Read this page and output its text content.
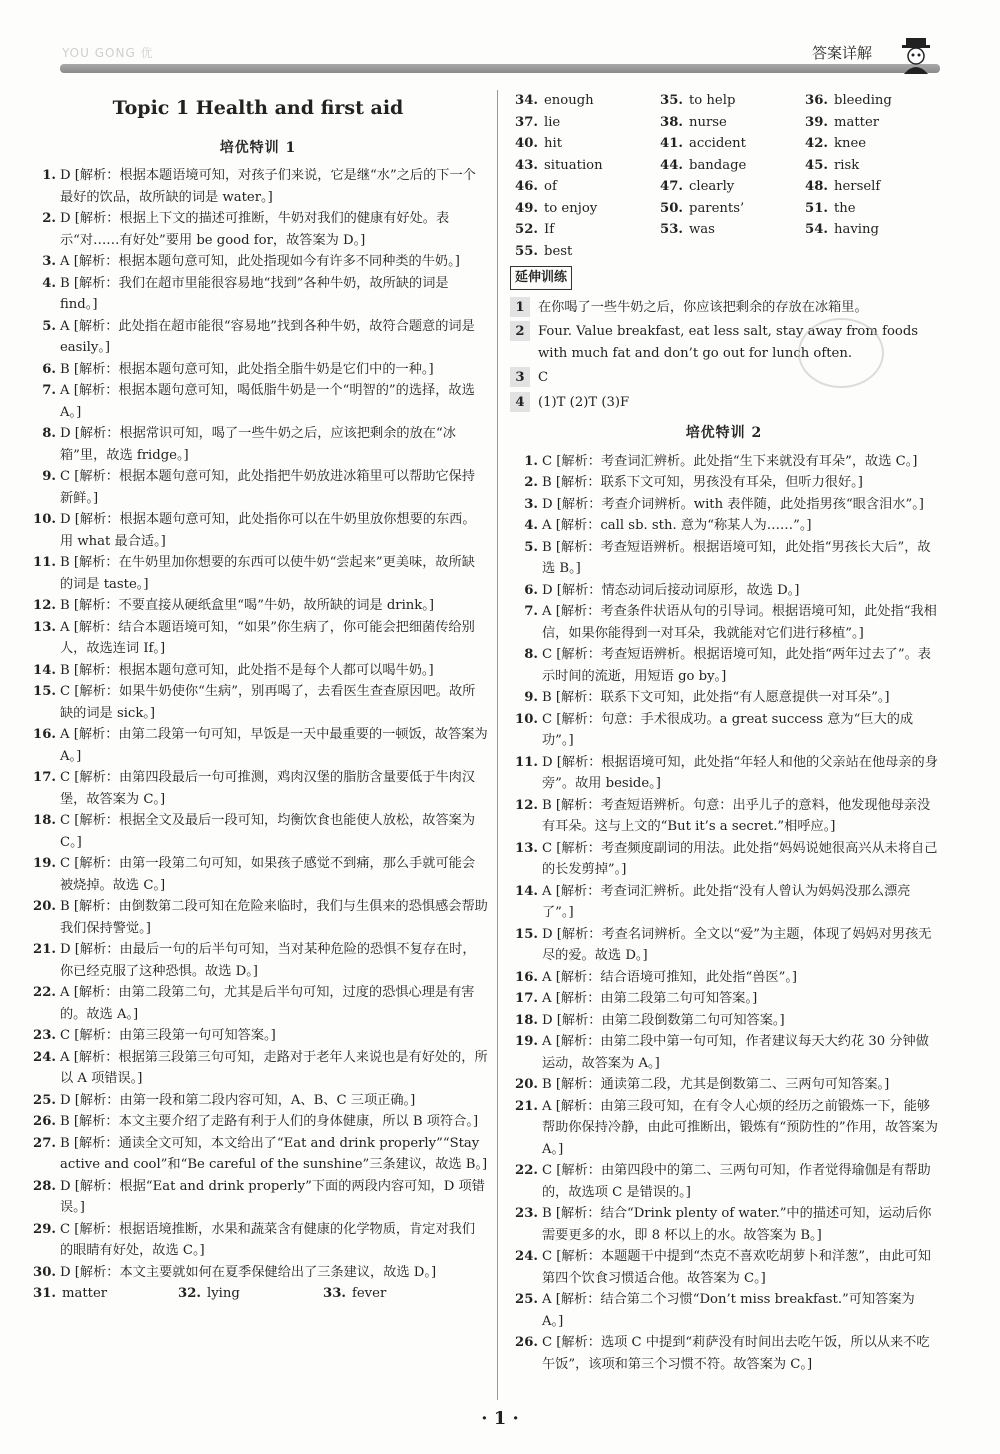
YOU GONG 优	答案详解
Topic 1 Health and first aid
培优特训 1
1. D [解析：根据本题语境可知，对孩子们来说，它是继“水”之后的下一个最好的饮品，故所缺的词是 water。]
2. D [解析：根据上下文的描述可推断，牛奶对我们的健康有好处。表示“对……有好处”要用 be good for，故答案为 D。]
3. A [解析：根据本题句意可知，此处指现如今有许多不同种类的牛奶。]
4. B [解析：我们在超市里能很容易地“找到”各种牛奶，故所缺的词是 find。]
5. A [解析：此处指在超市能很“容易地”找到各种牛奶，故符合题意的词是 easily。]
6. B [解析：根据本题句意可知，此处指全脂牛奶是它们中的一种。]
7. A [解析：根据本题句意可知，喝低脂牛奶是一个“明智的”的选择，故选 A。]
8. D [解析：根据常识可知，喝了一些牛奶之后，应该把剩余的放在“冰箱”里，故选 fridge。]
9. C [解析：根据本题句意可知，此处指把牛奶放进冰箱里可以帮助它保持新鲜。]
10. D [解析：根据本题句意可知，此处指你可以在牛奶里放你想要的东西。用 what 最合适。]
11. B [解析：在牛奶里加你想要的东西可以使牛奶“尝起来”更美味，故所缺的词是 taste。]
12. B [解析：不要直接从硬纸盒里“喝”牛奶，故所缺的词是 drink。]
13. A [解析：结合本题语境可知，“如果”你生病了，你可能会把细菌传给别人，故选连词 If。]
14. B [解析：根据本题句意可知，此处指不是每个人都可以喝牛奶。]
15. C [解析：如果牛奶使你“生病”，别再喝了，去看医生查查原因吧。故所缺的词是 sick。]
16. A [解析：由第二段第一句可知，早饭是一天中最重要的一顿饭，故答案为 A。]
17. C [解析：由第四段最后一句可推测，鸡肉汉堡的脂肪含量要低于牛肉汉堡，故答案为 C。]
18. C [解析：根据全文及最后一段可知，均衡饮食也能使人放松，故答案为 C。]
19. C [解析：由第一段第二句可知，如果孩子感觉不到痛，那么手就可能会被烧掉。故选 C。]
20. B [解析：由倒数第二段可知在危险来临时，我们与生俱来的恐惧感会帮助我们保持警觉。]
21. D [解析：由最后一句的后半句可知，当对某种危险的恐惧不复存在时，你已经克服了这种恐惧。故选 D。]
22. A [解析：由第二段第二句，尤其是后半句可知，过度的恐惧心理是有害的。故选 A。]
23. C [解析：由第三段第一句可知答案。]
24. A [解析：根据第三段第三句可知，走路对于老年人来说也是有好处的，所以 A 项错误。]
25. D [解析：由第一段和第二段内容可知，A、B、C 三项正确。]
26. B [解析：本文主要介绍了走路有利于人们的身体健康，所以 B 项符合。]
27. B [解析：通读全文可知，本文给出了“Eat and drink properly”“Stay active and cool”和“Be careful of the sunshine”三条建议，故选 B。]
28. D [解析：根据“Eat and drink properly”下面的两段内容可知，D 项错误。]
29. C [解析：根据语境推断，水果和蔬菜含有健康的化学物质，肯定对我们的眼睛有好处，故选 C。]
30. D [解析：本文主要就如何在夏季保健给出了三条建议，故选 D。]
31. matter	32. lying	33. fever
34. enough	35. to help	36. bleeding
37. lie	38. nurse	39. matter
40. hit	41. accident	42. knee
43. situation	44. bandage	45. risk
46. of	47. clearly	48. herself
49. to enjoy	50. parents’	51. the
52. If	53. was	54. having
55. best
延伸训练
1	在你喝了一些牛奶之后，你应该把剩余的存放在冰箱里。
2	Four. Value breakfast, eat less salt, stay away from foods with much fat and don’t go out for lunch often.
3	C
4	(1)T (2)T (3)F
培优特训 2
1. C [解析：考查词汇辨析。此处指“生下来就没有耳朵”，故选 C。]
2. B [解析：联系下文可知，男孩没有耳朵，但听力很好。]
3. D [解析：考查介词辨析。with 表伴随，此处指男孩“眼含泪水”。]
4. A [解析：call sb. sth. 意为“称某人为……”。]
5. B [解析：考查短语辨析。根据语境可知，此处指“男孩长大后”，故选 B。]
6. D [解析：情态动词后接动词原形，故选 D。]
7. A [解析：考查条件状语从句的引导词。根据语境可知，此处指“我相信，如果你能得到一对耳朵，我就能对它们进行移植”。]
8. C [解析：考查短语辨析。根据语境可知，此处指“两年过去了”。表示时间的流逝，用短语 go by。]
9. B [解析：联系下文可知，此处指“有人愿意提供一对耳朵”。]
10. C [解析：句意：手术很成功。a great success 意为“巨大的成功”。]
11. D [解析：根据语境可知，此处指“年轻人和他的父亲站在他母亲的身旁”。故用 beside。]
12. B [解析：考查短语辨析。句意：出乎儿子的意料，他发现他母亲没有耳朵。这与上文的“But it’s a secret.”相呼应。]
13. C [解析：考查频度副词的用法。此处指“妈妈说她很高兴从未将自己的长发剪掉”。]
14. A [解析：考查词汇辨析。此处指“没有人曾认为妈妈没那么漂亮了”。]
15. D [解析：考查名词辨析。全文以“爱”为主题，体现了妈妈对男孩无尽的爱。故选 D。]
16. A [解析：结合语境可推知，此处指“兽医”。]
17. A [解析：由第二段第二句可知答案。]
18. D [解析：由第二段倒数第二句可知答案。]
19. A [解析：由第二段中第一句可知，作者建议每天大约花 30 分钟做运动，故答案为 A。]
20. B [解析：通读第二段，尤其是倒数第二、三两句可知答案。]
21. A [解析：由第三段可知，在有令人心烦的经历之前锻炼一下，能够帮助你保持冷静，由此可推断出，锻炼有“预防性的”作用，故答案为 A。]
22. C [解析：由第四段中的第二、三两句可知，作者觉得瑜伽是有帮助的，故选项 C 是错误的。]
23. B [解析：结合“Drink plenty of water.”中的描述可知，运动后你需要更多的水，即 8 杯以上的水。故答案为 B。]
24. C [解析：本题题干中提到“杰克不喜欢吃胡萝卜和洋葱”，由此可知第四个饮食习惯适合他。故答案为 C。]
25. A [解析：结合第二个习惯“Don’t miss breakfast.”可知答案为 A。]
26. C [解析：选项 C 中提到“莉萨没有时间出去吃午饭，所以从来不吃午饭”，该项和第三个习惯不符。故答案为 C。]
· 1 ·
